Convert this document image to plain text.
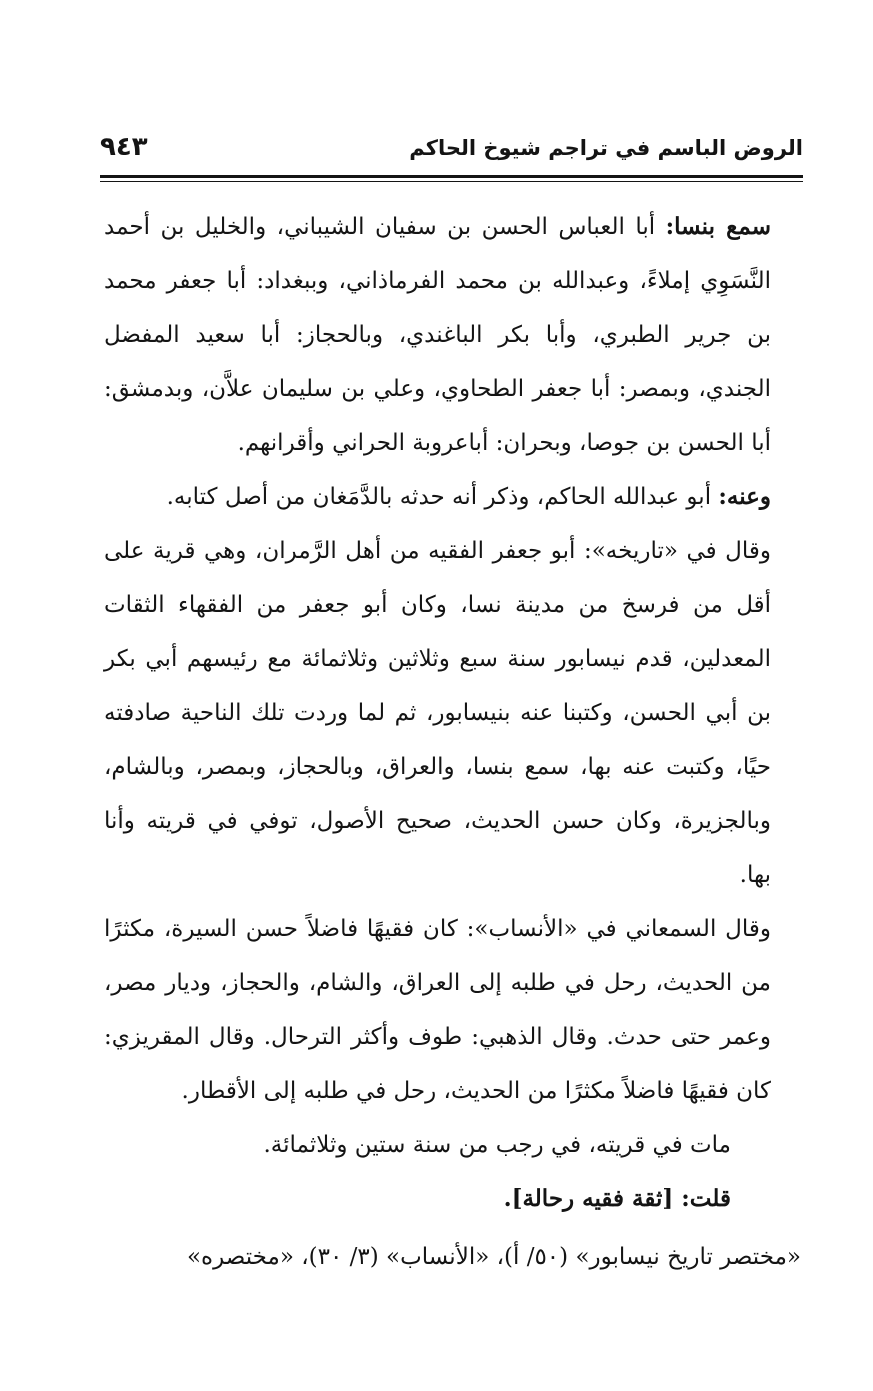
الروض الباسم في تراجم شيوخ الحاكم
٩٤٣

سمع بنسا: أبا العباس الحسن بن سفيان الشيباني، والخليل بن أحمد النَّسَوِي إملاءً، وعبدالله بن محمد الفرماذاني، وببغداد: أبا جعفر محمد بن جرير الطبري، وأبا بكر الباغندي، وبالحجاز: أبا سعيد المفضل الجندي، وبمصر: أبا جعفر الطحاوي، وعلي بن سليمان علاَّن، وبدمشق: أبا الحسن بن جوصا، وبحران: أباعروبة الحراني وأقرانهم.

وعنه: أبو عبدالله الحاكم، وذكر أنه حدثه بالدَّمَغان من أصل كتابه.

وقال في «تاريخه»: أبو جعفر الفقيه من أهل الرَّمران، وهي قرية على أقل من فرسخ من مدينة نسا، وكان أبو جعفر من الفقهاء الثقات المعدلين، قدم نيسابور سنة سبع وثلاثين وثلاثمائة مع رئيسهم أبي بكر بن أبي الحسن، وكتبنا عنه بنيسابور، ثم لما وردت تلك الناحية صادفته حيًا، وكتبت عنه بها، سمع بنسا، والعراق، وبالحجاز، وبمصر، وبالشام، وبالجزيرة، وكان حسن الحديث، صحيح الأصول، توفي في قريته وأنا بها.

وقال السمعاني في «الأنساب»: كان فقيهًا فاضلاً حسن السيرة، مكثرًا من الحديث، رحل في طلبه إلى العراق، والشام، والحجاز، وديار مصر، وعمر حتى حدث. وقال الذهبي: طوف وأكثر الترحال. وقال المقريزي: كان فقيهًا فاضلاً مكثرًا من الحديث، رحل في طلبه إلى الأقطار.

مات في قريته، في رجب من سنة ستين وثلاثمائة.

قلت: [ثقة فقيه رحالة].

«مختصر تاريخ نيسابور» (٥٠/ أ)، «الأنساب» (٣/ ٣٠)، «مختصره»
